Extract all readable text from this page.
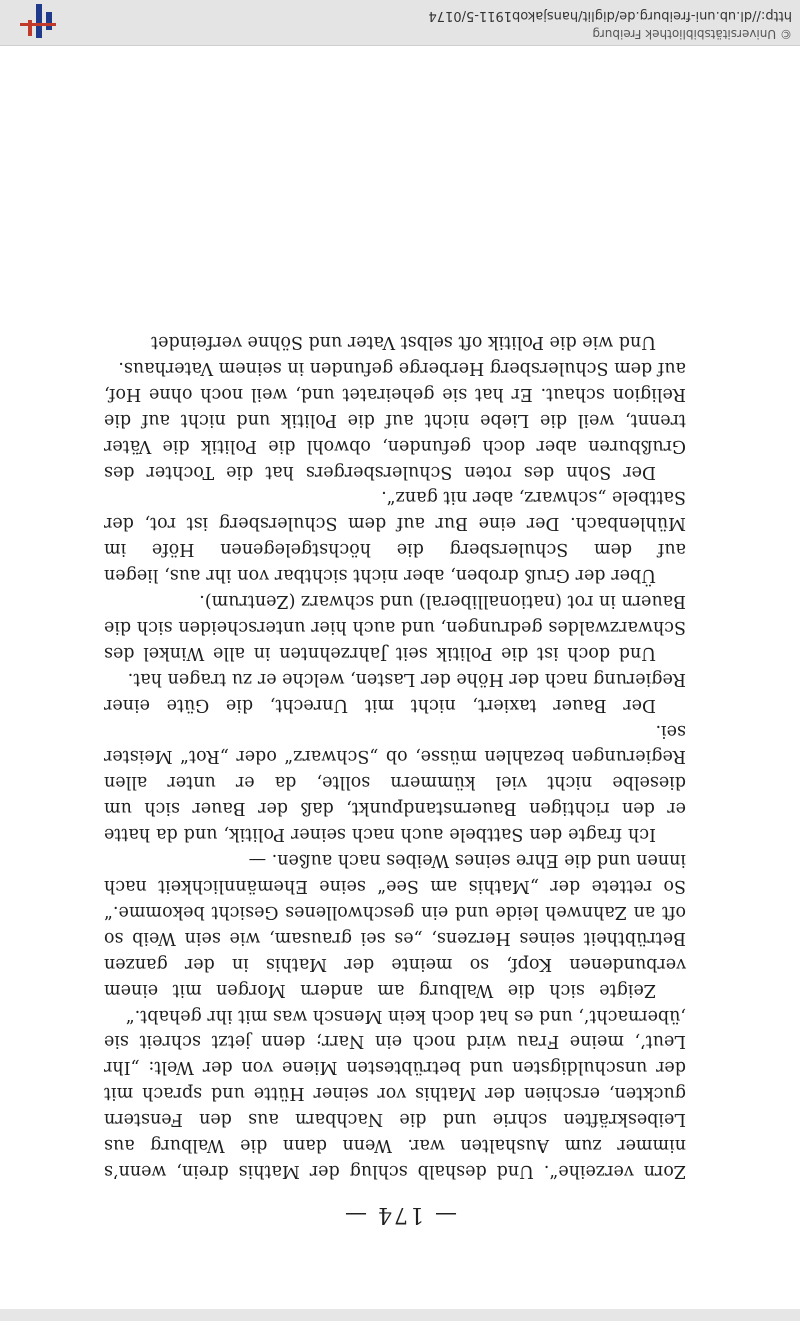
— 174 —

Zorn verzeihe“. Und deshalb schlug der Mathis drein, wenn’s nimmer zum Aushalten war. Wenn dann die Walburg aus Leibeskräften schrie und die Nachbarn aus den Fenstern guckten, erschien der Mathis vor seiner Hütte und sprach mit der unschuldigsten und betrübtesten Miene von der Welt: „Ihr Leut’, meine Frau wird noch ein Narr; denn jetzt schreit sie ‚übernacht‘, und es hat doch kein Mensch was mit ihr gehabt.“

Zeigte sich die Walburg am andern Morgen mit einem verbundenen Kopf, so meinte der Mathis in der ganzen Betrübtheit seines Herzens, „es sei grausam, wie sein Weib so oft an Zahnweh leide und ein geschwollenes Gesicht bekomme.“ So rettete der „Mathis am See“ seine Ehemännlichkeit nach innen und die Ehre seines Weibes nach außen. —

Ich fragte den Sattbele auch nach seiner Politik, und da hatte er den richtigen Bauernstandpunkt, daß der Bauer sich um dieselbe nicht viel kümmern sollte, da er unter allen Regierungen bezahlen müsse, ob „Schwarz“ oder „Rot“ Meister sei.

Der Bauer taxiert, nicht mit Unrecht, die Güte einer Regierung nach der Höhe der Lasten, welche er zu tragen hat.

Und doch ist die Politik seit Jahrzehnten in alle Winkel des Schwarzwaldes gedrungen, und auch hier unterscheiden sich die Bauern in rot (nationalliberal) und schwarz (Zentrum).

Über der Gruß droben, aber nicht sichtbar von ihr aus, liegen auf dem Schulersberg die höchstgelegenen Höfe im Mühlenbach. Der eine Bur auf dem Schulersberg ist rot, der Sattbele „schwarz, aber nit ganz“.

Der Sohn des roten Schulersbergers hat die Tochter des Grußburen aber doch gefunden, obwohl die Politik die Väter trennt, weil die Liebe nicht auf die Politik und nicht auf die Religion schaut. Er hat sie geheiratet und, weil noch ohne Hof, auf dem Schulersberg Herberge gefunden in seinem Vaterhaus.

Und wie die Politik oft selbst Vater und Söhne verfeindet

© Universitätsbibliothek Freiburg
http://dl.ub.uni-freiburg.de/diglit/hansjakob1911-5/0174
